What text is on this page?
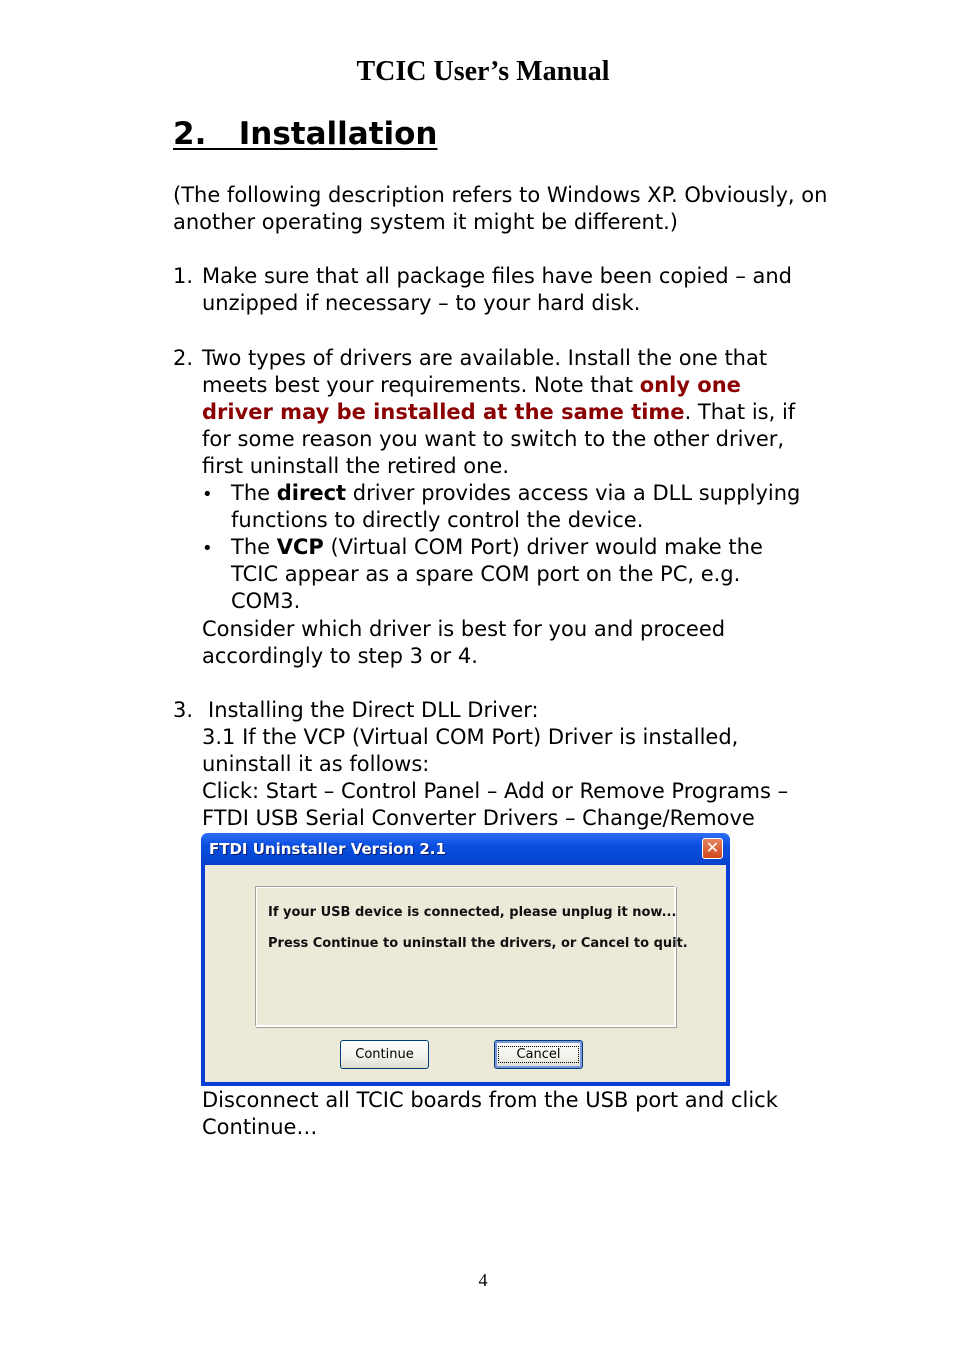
TCIC User’s Manual
2.   Installation
(The following description refers to Windows XP. Obviously, on
another operating system it might be different.)
1. Make sure that all package files have been copied – and
unzipped if necessary – to your hard disk.
2. Two types of drivers are available. Install the one that
meets best your requirements. Note that only one
driver may be installed at the same time. That is, if
for some reason you want to switch to the other driver,
first uninstall the retired one.
• The direct driver provides access via a DLL supplying
functions to directly control the device.
• The VCP (Virtual COM Port) driver would make the
TCIC appear as a spare COM port on the PC, e.g.
COM3.
Consider which driver is best for you and proceed
accordingly to step 3 or 4.
3. Installing the Direct DLL Driver:
3.1 If the VCP (Virtual COM Port) Driver is installed,
uninstall it as follows:
Click: Start – Control Panel – Add or Remove Programs –
FTDI USB Serial Converter Drivers – Change/Remove
FTDI Uninstaller Version 2.1	✕
If your USB device is connected, please unplug it now...
Press Continue to uninstall the drivers, or Cancel to quit.
Continue	Cancel
Disconnect all TCIC boards from the USB port and click
Continue…
4
